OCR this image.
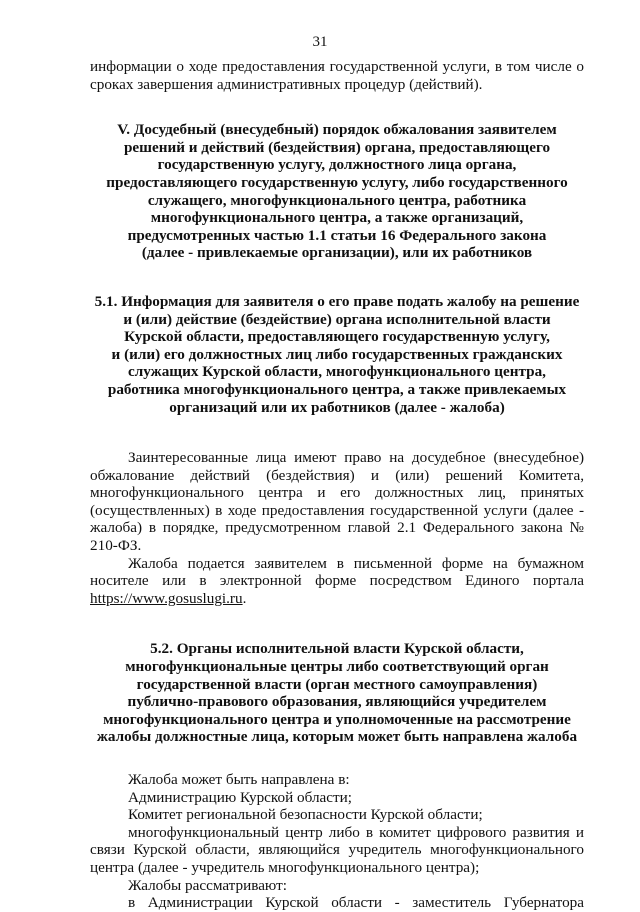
31

информации о ходе предоставления государственной услуги, в том числе о

сроках завершения административных процедур (действий).

V. Досудебный (внесудебный) порядок обжалования заявителем
решений и действий (бездействия) органа, предоставляющего
государственную услугу, должностного лица органа,
предоставляющего государственную услугу, либо государственного
служащего, многофункционального центра, работника
многофункционального центра, а также организаций,
предусмотренных частью 1.1 статьи 16 Федерального закона
(далее - привлекаемые организации), или их работников
5.1. Информация для заявителя о его праве подать жалобу на решение
и (или) действие (бездействие) органа исполнительной власти
Курской области, предоставляющего государственную услугу,
и (или) его должностных лиц либо государственных гражданских
служащих Курской области, многофункционального центра,
работника многофункционального центра, а также привлекаемых
организаций или их работников (далее - жалоба)

Заинтересованные лица имеют право на досудебное (внесудебное) обжалование действий (бездействия) и (или) решений Комитета, многофункционального центра и его должностных лиц, принятых (осуществленных) в ходе предоставления государственной услуги (далее - жалоба) в порядке, предусмотренном главой 2.1 Федерального закона № 210-ФЗ.

Жалоба подается заявителем в письменной форме на бумажном носителе или в электронной форме посредством Единого портала https://www.gosuslugi.ru.

5.2. Органы исполнительной власти Курской области,
многофункциональные центры либо соответствующий орган
государственной власти (орган местного самоуправления)
публично-правового образования, являющийся учредителем
многофункционального центра и уполномоченные на рассмотрение
жалобы должностные лица, которым может быть направлена жалоба

Жалоба может быть направлена в:

Администрацию Курской области;

Комитет региональной безопасности Курской области;

многофункциональный центр либо в комитет цифрового развития и связи Курской области, являющийся учредитель многофункционального центра (далее - учредитель многофункционального центра);

Жалобы рассматривают:

в Администрации Курской области - заместитель Губернатора
